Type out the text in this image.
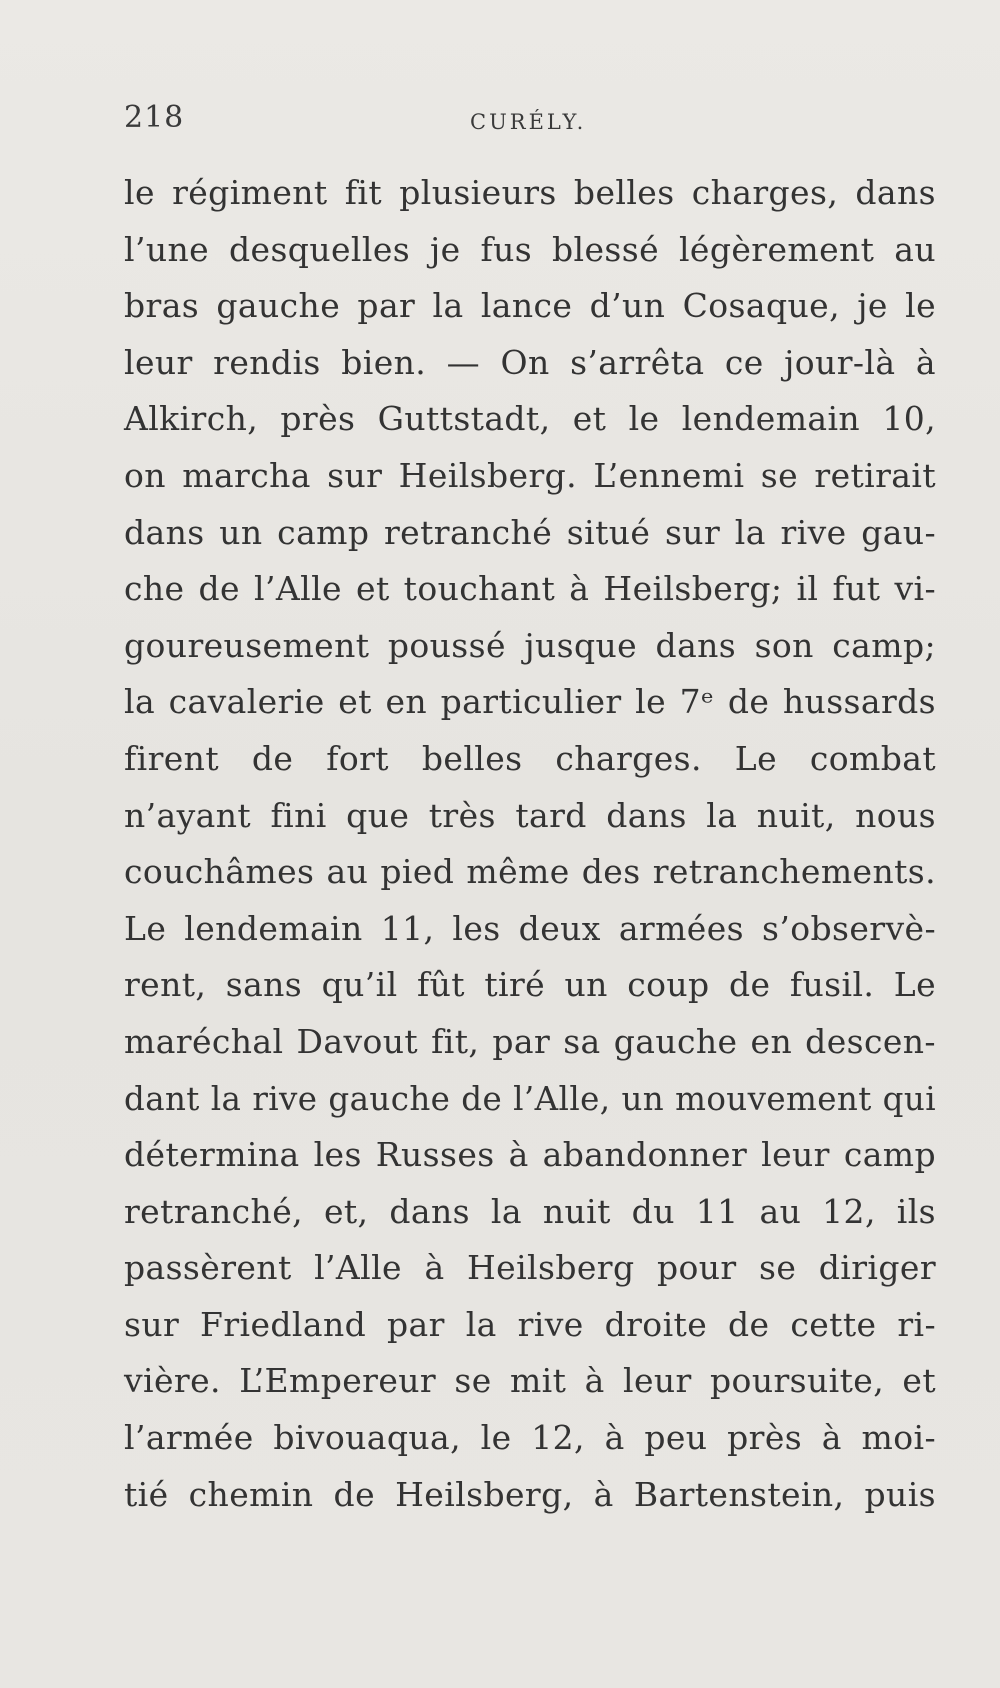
218	CURÉLY.
le régiment fit plusieurs belles charges, dans
l’une desquelles je fus blessé légèrement au
bras gauche par la lance d’un Cosaque, je le
leur rendis bien. — On s’arrêta ce jour-là à
Alkirch, près Guttstadt, et le lendemain 10,
on marcha sur Heilsberg. L’ennemi se retirait
dans un camp retranché situé sur la rive gau-
che de l’Alle et touchant à Heilsberg; il fut vi-
goureusement poussé jusque dans son camp;
la cavalerie et en particulier le 7ᵉ de hussards
firent de fort belles charges. Le combat
n’ayant fini que très tard dans la nuit, nous
couchâmes au pied même des retranchements.
Le lendemain 11, les deux armées s’observè-
rent, sans qu’il fût tiré un coup de fusil. Le
maréchal Davout fit, par sa gauche en descen-
dant la rive gauche de l’Alle, un mouvement qui
détermina les Russes à abandonner leur camp
retranché, et, dans la nuit du 11 au 12, ils
passèrent l’Alle à Heilsberg pour se diriger
sur Friedland par la rive droite de cette ri-
vière. L’Empereur se mit à leur poursuite, et
l’armée bivouaqua, le 12, à peu près à moi-
tié chemin de Heilsberg, à Bartenstein, puis
